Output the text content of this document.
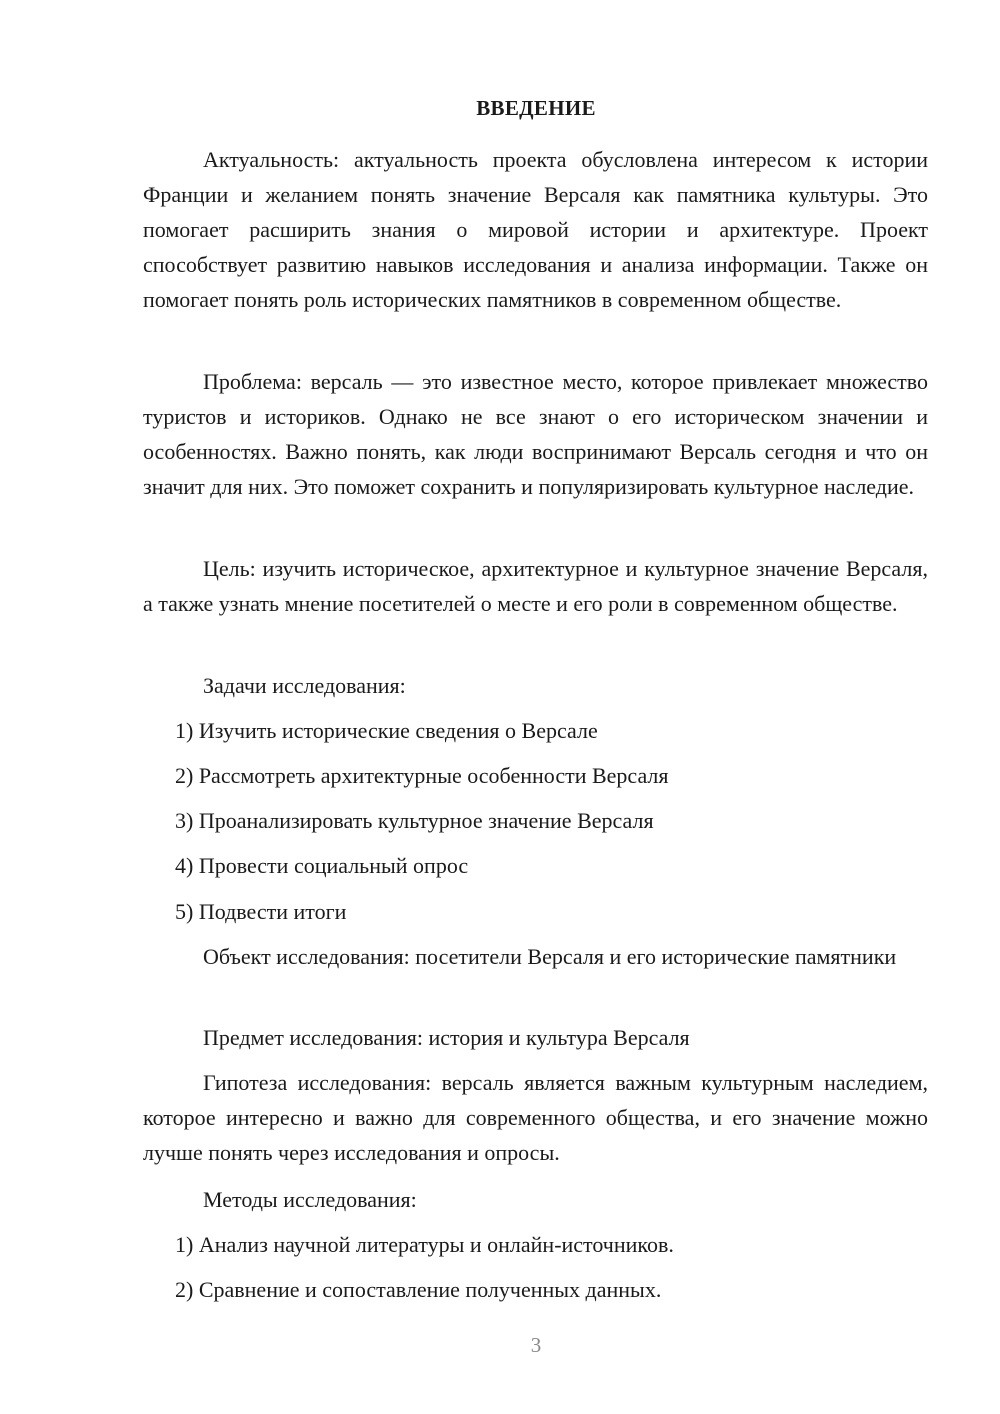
ВВЕДЕНИЕ
Актуальность: актуальность проекта обусловлена интересом к истории Франции и желанием понять значение Версаля как памятника культуры. Это помогает расширить знания о мировой истории и архитектуре. Проект способствует развитию навыков исследования и анализа информации. Также он помогает понять роль исторических памятников в современном обществе.
Проблема: версаль — это известное место, которое привлекает множество туристов и историков. Однако не все знают о его историческом значении и особенностях. Важно понять, как люди воспринимают Версаль сегодня и что он значит для них. Это поможет сохранить и популяризировать культурное наследие.
Цель: изучить историческое, архитектурное и культурное значение Версаля, а также узнать мнение посетителей о месте и его роли в современном обществе.
Задачи исследования:
1) Изучить исторические сведения о Версале
2) Рассмотреть архитектурные особенности Версаля
3) Проанализировать культурное значение Версаля
4) Провести социальный опрос
5) Подвести итоги
Объект исследования: посетители Версаля и его исторические памятники
Предмет исследования: история и культура Версаля
Гипотеза исследования: версаль является важным культурным наследием, которое интересно и важно для современного общества, и его значение можно лучше понять через исследования и опросы.
Методы исследования:
1) Анализ научной литературы и онлайн-источников.
2) Сравнение и сопоставление полученных данных.
3
